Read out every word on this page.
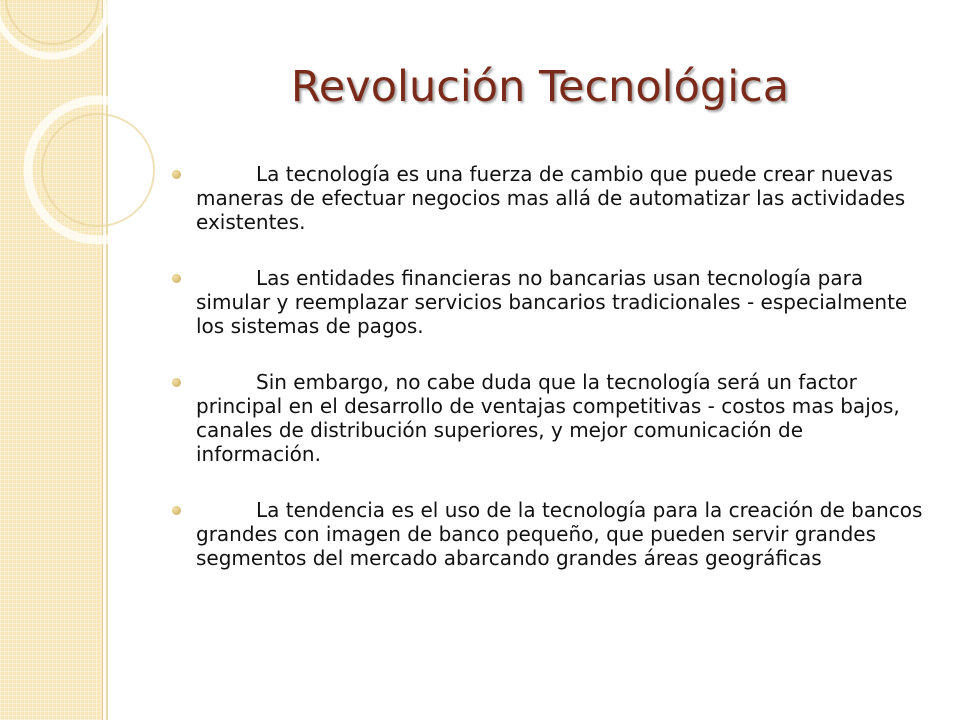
Revolución Tecnológica
La tecnología es una fuerza de cambio que puede crear nuevas maneras de efectuar negocios mas allá de automatizar las actividades existentes.
Las entidades financieras no bancarias usan tecnología para simular y reemplazar servicios bancarios tradicionales - especialmente los sistemas de pagos.
Sin embargo, no cabe duda que la tecnología será un factor principal en el desarrollo de ventajas competitivas - costos mas bajos, canales de distribución superiores, y mejor comunicación de información.
La tendencia es el uso de la tecnología para la creación de bancos grandes con imagen de banco pequeño, que pueden servir grandes segmentos del mercado abarcando grandes áreas geográficas
